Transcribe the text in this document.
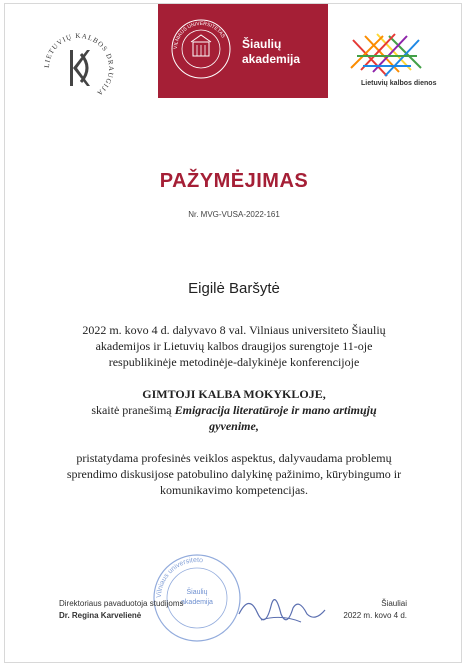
LIETUVIŲ KALBOS DRAUGIJA
VILNIAUS UNIVERSITETAS
Šiaulių
akademija
Lietuvių kalbos dienos
PAŽYMĖJIMAS
Nr. MVG-VUSA-2022-161
Eigilė Baršytė
2022 m. kovo 4 d. dalyvavo 8 val. Vilniaus universiteto Šiaulių
akademijos ir Lietuvių kalbos draugijos surengtoje 11-oje
respublikinėje metodinėje-dalykinėje konferencijoje
GIMTOJI KALBA MOKYKLOJE,
skaitė pranešimą Emigracija literatūroje ir mano artimųjų
gyvenime,
pristatydama profesinės veiklos aspektus, dalyvaudama problemų
sprendimo diskusijose patobulino dalykinę pažinimo, kūrybingumo ir
komunikavimo kompetencijas.
Vilniaus universiteto
Šiaulių
akademija
Direktoriaus pavaduotoja studijoms
Dr. Regina Karvelienė
Šiauliai
2022 m. kovo 4 d.
